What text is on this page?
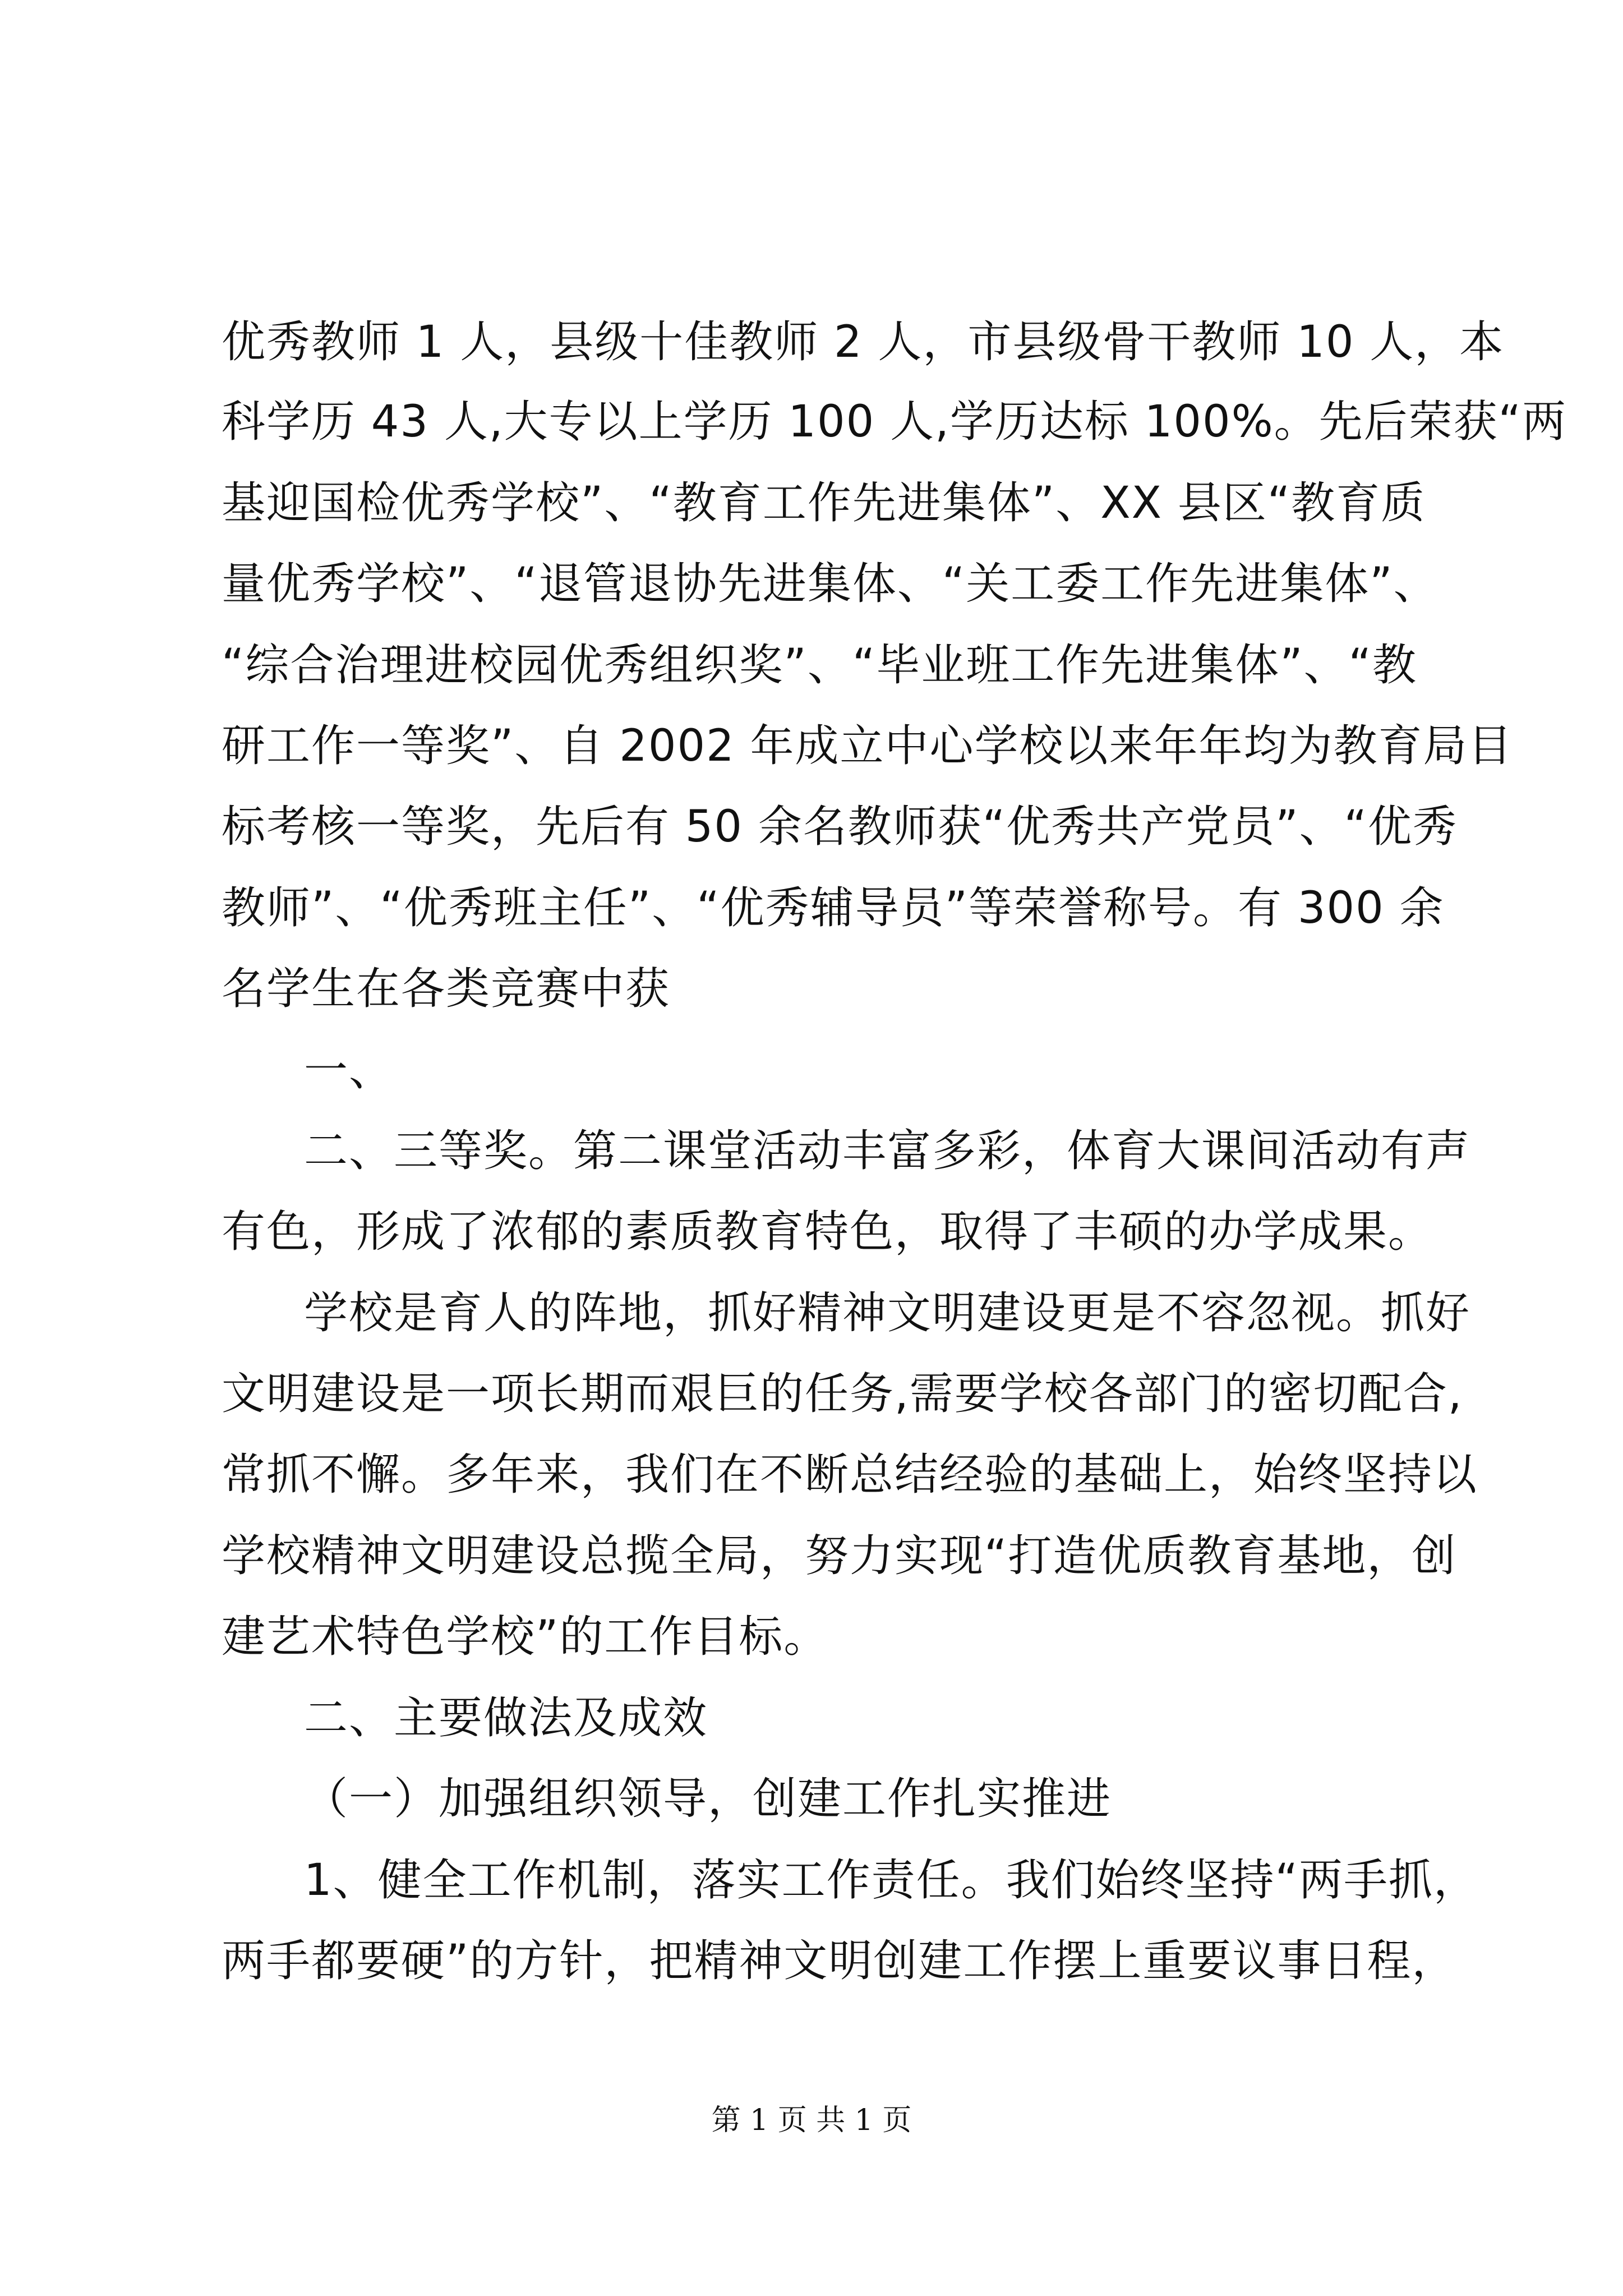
优秀教师 1 人，县级十佳教师 2 人，市县级骨干教师 10 人，本
科学历 43 人,大专以上学历 100 人,学历达标 100%。先后荣获“两
基迎国检优秀学校”、“教育工作先进集体”、XX 县区“教育质
量优秀学校”、“退管退协先进集体、“关工委工作先进集体”、
“综合治理进校园优秀组织奖”、“毕业班工作先进集体”、“教
研工作一等奖”、自 2002 年成立中心学校以来年年均为教育局目
标考核一等奖，先后有 50 余名教师获“优秀共产党员”、“优秀
教师”、“优秀班主任”、“优秀辅导员”等荣誉称号。有 300 余
名学生在各类竞赛中获
一、
二、三等奖。第二课堂活动丰富多彩，体育大课间活动有声
有色，形成了浓郁的素质教育特色，取得了丰硕的办学成果。
学校是育人的阵地，抓好精神文明建设更是不容忽视。抓好
文明建设是一项长期而艰巨的任务,需要学校各部门的密切配合,
常抓不懈。多年来，我们在不断总结经验的基础上，始终坚持以
学校精神文明建设总揽全局，努力实现“打造优质教育基地，创
建艺术特色学校”的工作目标。
二、主要做法及成效
（一）加强组织领导，创建工作扎实推进
1、健全工作机制，落实工作责任。我们始终坚持“两手抓，
两手都要硬”的方针，把精神文明创建工作摆上重要议事日程，
第 1 页 共 1 页
